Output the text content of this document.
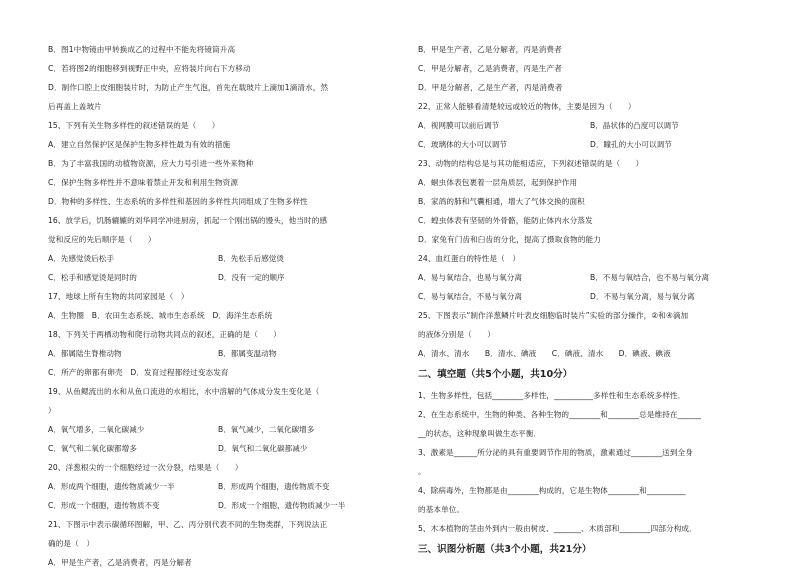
B．图1中物镜由甲转换成乙的过程中不能先将镜筒升高
C．若将图2的细胞移到视野正中央，应将装片向右下方移动
D．制作口腔上皮细胞装片时，为防止产生气泡，首先在载玻片上滴加1滴清水，然
后再盖上盖玻片
15、下列有关生物多样性的叙述错误的是（　　）
A．建立自然保护区是保护生物多样性最为有效的措施
B．为了丰富我国的动植物资源，应大力号引进一些外来物种
C．保护生物多样性并不意味着禁止开发和利用生物资源
D．物种的多样性、生态系统的多样性和基因的多样性共同组成了生物多样性
16、放学后，饥肠辘辘的刘华同学冲进厨房，抓起一个刚出锅的馒头，他当时的感
觉和反应的先后顺序是（　　）
A．先感觉烫后松手	B．先松手后感觉烫
C．松手和感觉烫是同时的	D．没有一定的顺序
17、地球上所有生物的共同家园是（　）
A．生物圈　B．农田生态系统、城市生态系统　D．海洋生态系统
18、下列关于两栖动物和爬行动物共同点的叙述，正确的是（　　）
A．都属陆生脊椎动物	B．都属变温动物
C．所产的卵都有卵壳　D．发育过程都经过变态发育
19、从鱼鳃流出的水和从鱼口流进的水相比，水中溶解的气体成分发生变化是（
）
A．氧气增多，二氧化碳减少	B．氧气减少，二氧化碳增多
C．氧气和二氧化碳都增多	D．氧气和二氧化碳都减少
20、洋葱根尖的一个细胞经过一次分裂，结果是（　　）
A．形成两个细胞，遗传物质减少一半	B．形成两个细胞，遗传物质不变
C．形成一个细胞，遗传物质不变	D．形成一个细胞，遗传物质减少一半
21、下图示中表示碳循环图解，甲、乙、丙分别代表不同的生物类群，下列说法正
确的是（　）
A．甲是生产者，乙是消费者，丙是分解者
B．甲是生产者，乙是分解者，丙是消费者
C．甲是分解者，乙是消费者，丙是生产者
D．甲是分解者，乙是生产者，丙是消费者
22、正常人能够看清楚较远或较近的物体，主要是因为（　　）
A．视网膜可以前后调节	B．晶状体的凸度可以调节
C．玻璃体的大小可以调节	D．瞳孔的大小可以调节
23、动物的结构总是与其功能相适应，下列叙述错误的是（　　）
A．蛔虫体表包裹着一层角质层，起到保护作用
B．家鸽的肺和气囊相通，增大了气体交换的面积
C．蝗虫体表有坚韧的外骨骼，能防止体内水分蒸发
D．家兔有门齿和臼齿的分化，提高了摄取食物的能力
24、血红蛋白的特性是（　）
A．易与氧结合，也易与氧分离	B．不易与氧结合，也不易与氧分离
C．易与氧结合，不易与氧分离	D．不易与氧分离，易与氧分离
25、下图表示“制作洋葱鳞片叶表皮细胞临时装片”实验的部分操作，②和④滴加
的液体分别是（　　）
A．清水、清水　　B．清水、碘液　　C．碘液、清水　　D．碘液、碘液
二、填空题（共5个小题，共10分）
1、生物多样性，包括________多样性，__________多样性和生态系统多样性．
2、在生态系统中，生物的种类、各种生物的________和________总是维持在______
__的状态，这种现象叫做生态平衡．
3、激素是______所分泌的具有重要调节作用的物质，激素通过________送到全身
。
4、除病毒外，生物都是由________构成的，它是生物体________和__________
的基本单位。
5、木本植物的茎由外到内一般由树皮、_______、木质部和________四部分构成．
三、识图分析题（共3个小题，共21分）
